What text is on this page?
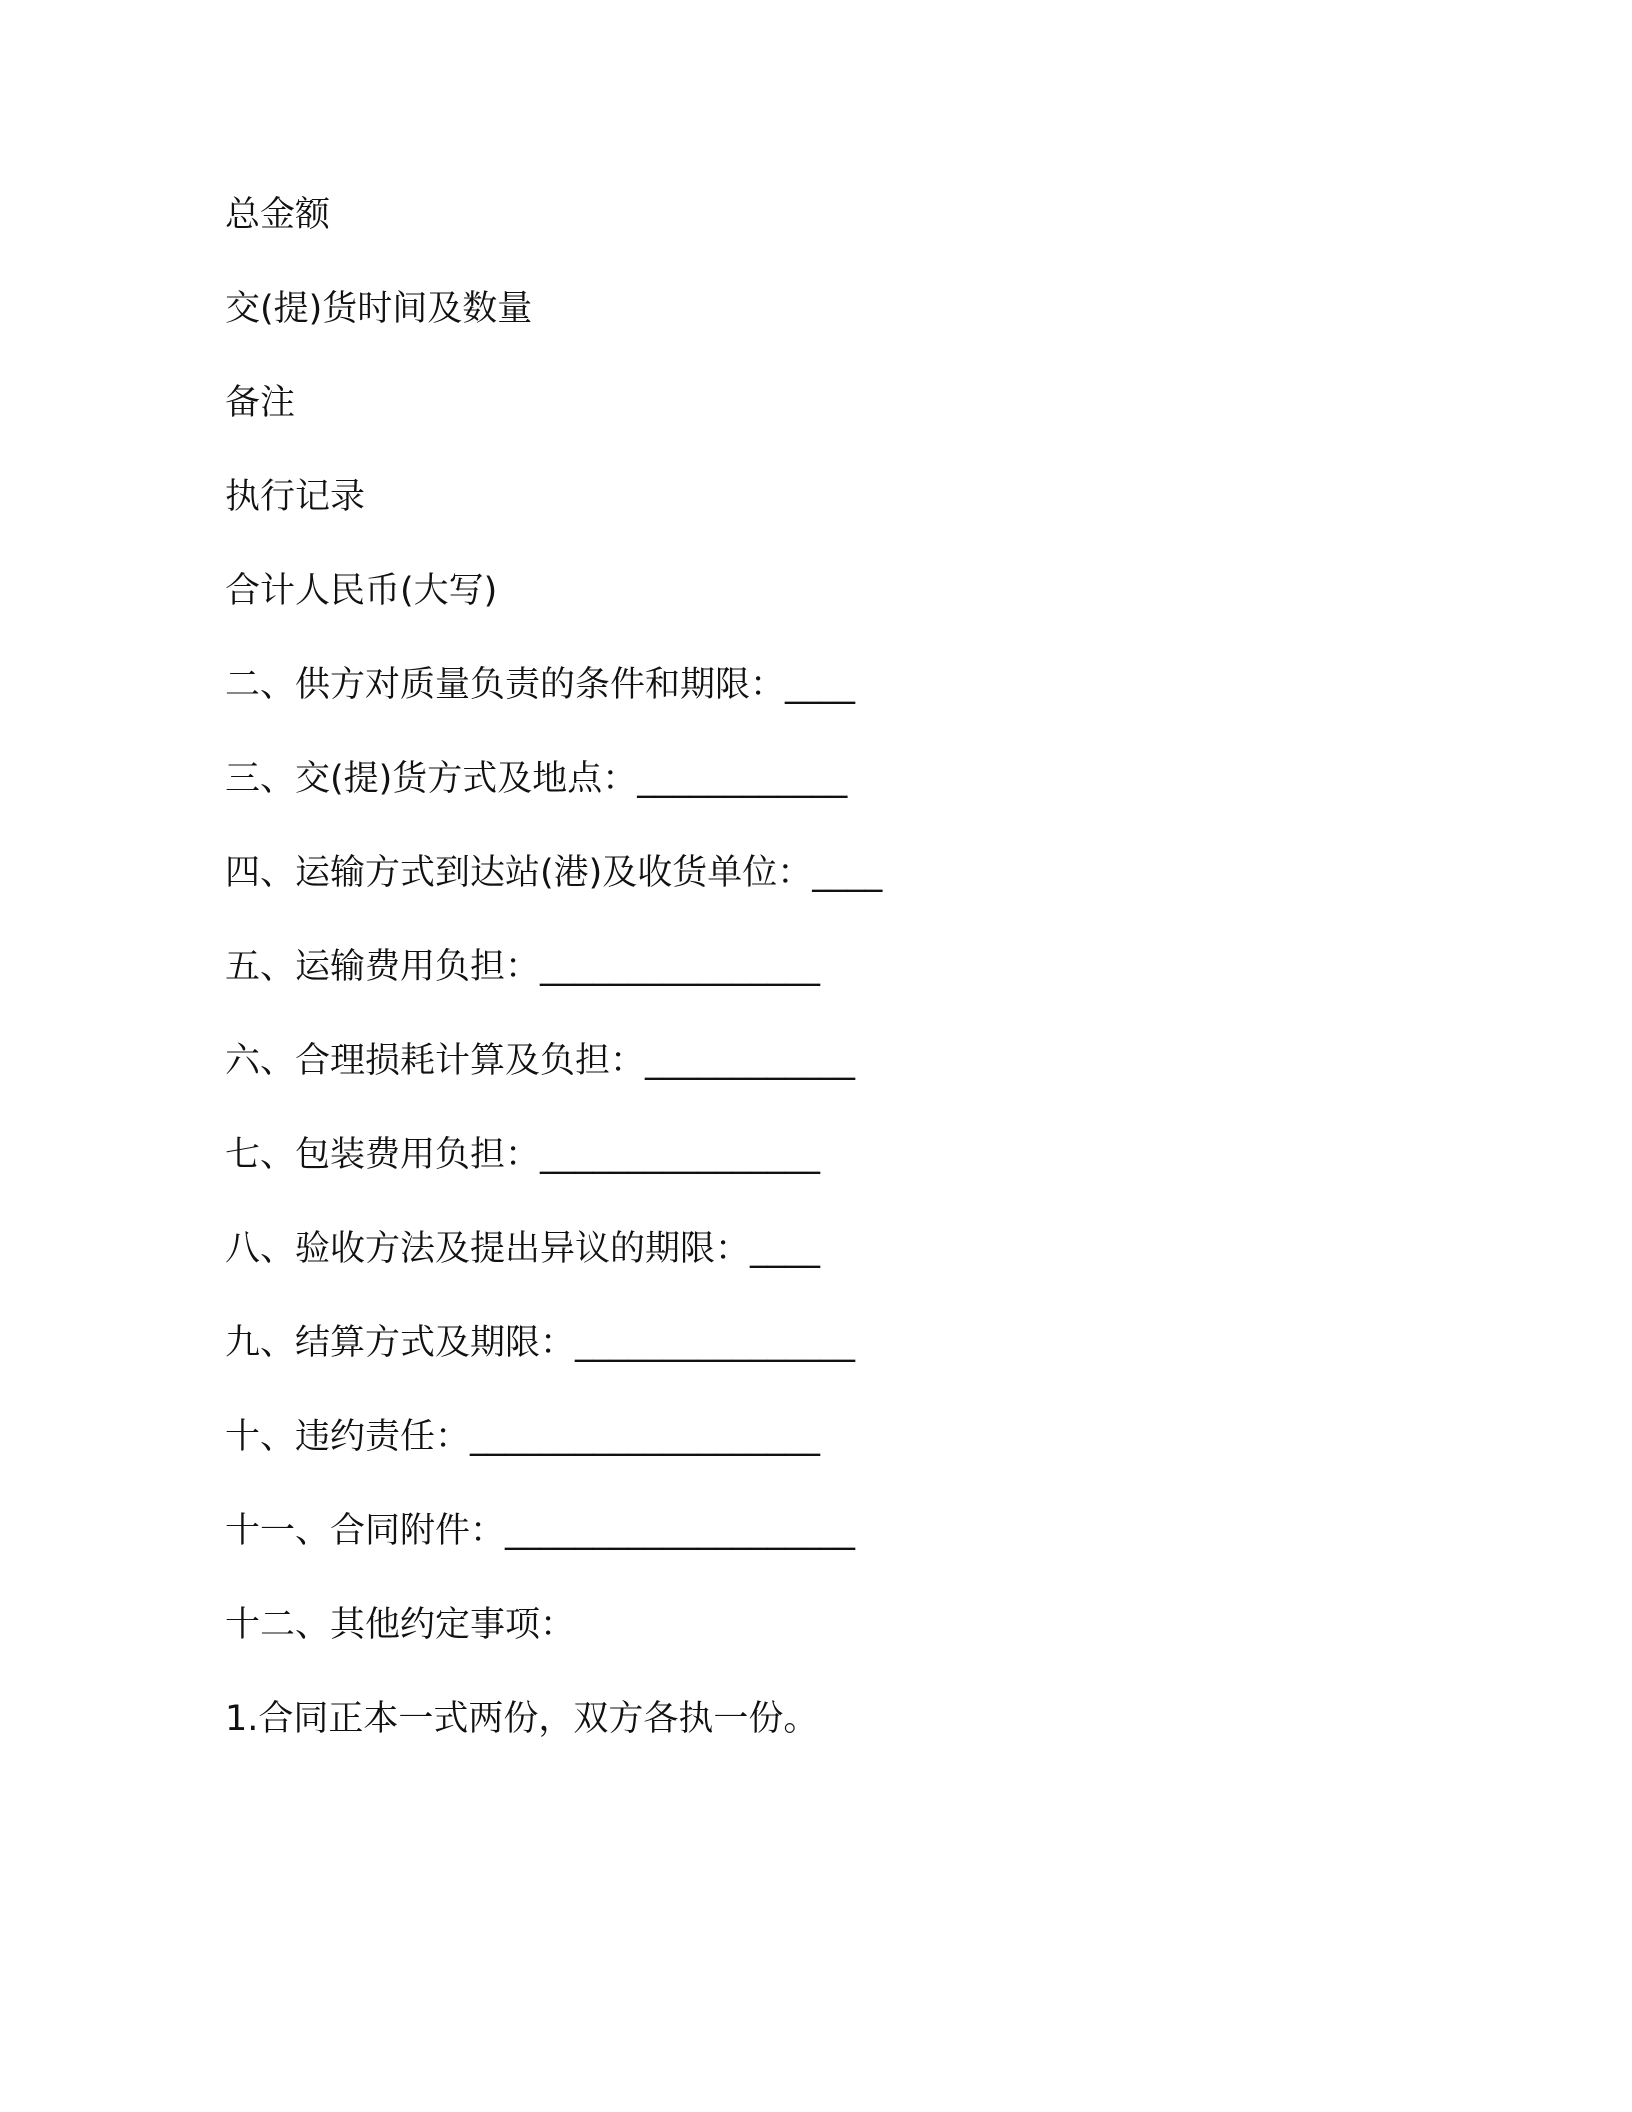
总金额
交(提)货时间及数量
备注
执行记录
合计人民币(大写)
二、供方对质量负责的条件和期限：____
三、交(提)货方式及地点：____________
四、运输方式到达站(港)及收货单位：____
五、运输费用负担：________________
六、合理损耗计算及负担：____________
七、包装费用负担：________________
八、验收方法及提出异议的期限：____
九、结算方式及期限：________________
十、违约责任：____________________
十一、合同附件：____________________
十二、其他约定事项：
1.合同正本一式两份，双方各执一份。
